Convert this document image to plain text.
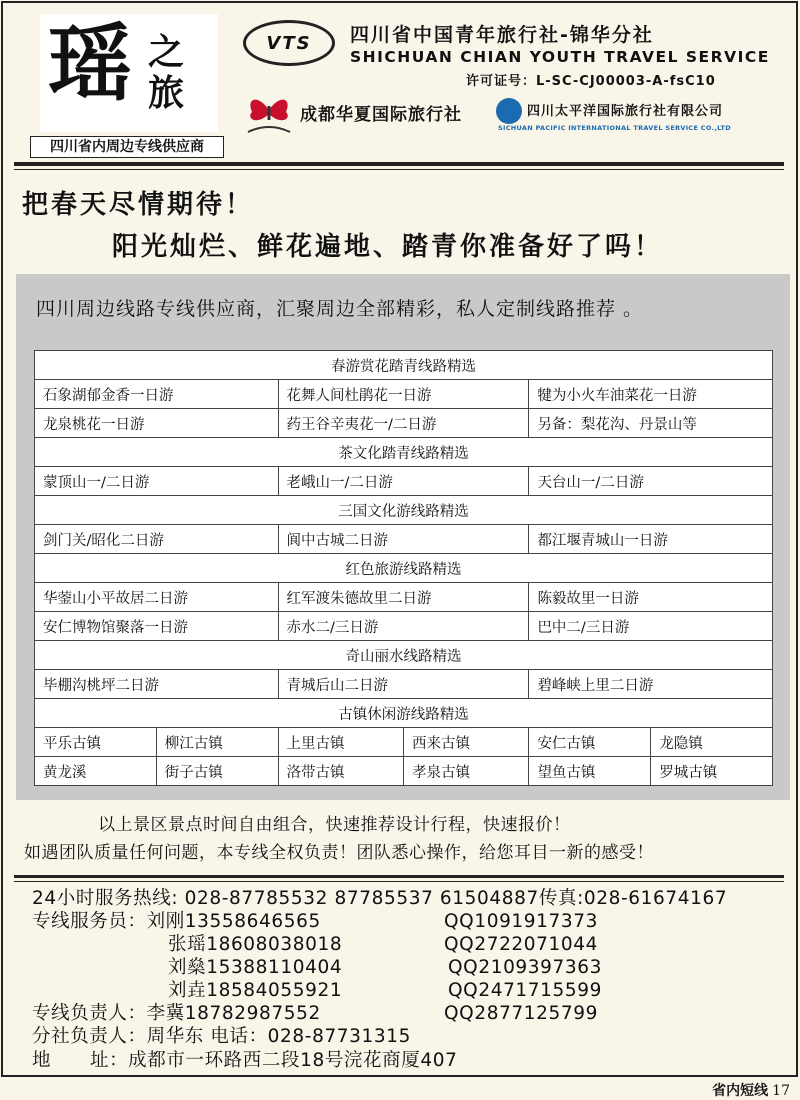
瑶 之旅
四川省内周边专线供应商
VTS 四川省中国青年旅行社-锦华分社
SHICHUAN CHIAN YOUTH TRAVEL SERVICE
许可证号：L-SC-CJ00003-A-fsC10
成都华夏国际旅行社	四川太平洋国际旅行社有限公司
SICHUAN PACIFIC INTERNATIONAL TRAVEL SERVICE CO.,LTD
把春天尽情期待！
阳光灿烂、鲜花遍地、踏青你准备好了吗！
四川周边线路专线供应商，汇聚周边全部精彩，私人定制线路推荐 。
春游赏花踏青线路精选					
石象湖郁金香一日游		花舞人间杜鹃花一日游		犍为小火车油菜花一日游	
龙泉桃花一日游		药王谷辛夷花一/二日游		另备：梨花沟、丹景山等	
茶文化踏青线路精选					
蒙顶山一/二日游		老峨山一/二日游		天台山一/二日游	
三国文化游线路精选					
剑门关/昭化二日游		阆中古城二日游		都江堰青城山一日游	
红色旅游线路精选					
华蓥山小平故居二日游		红军渡朱德故里二日游		陈毅故里一日游	
安仁博物馆聚落一日游		赤水二/三日游		巴中二/三日游	
奇山丽水线路精选					
毕棚沟桃坪二日游		青城后山二日游		碧峰峡上里二日游	
古镇休闲游线路精选					
平乐古镇	柳江古镇	上里古镇	西来古镇	安仁古镇	龙隐镇
黄龙溪	街子古镇	洛带古镇	孝泉古镇	望鱼古镇	罗城古镇
以上景区景点时间自由组合，快速推荐设计行程，快速报价！
如遇团队质量任何问题，本专线全权负责！团队悉心操作，给您耳目一新的感受！
24小时服务热线: 028-87785532 87785537 61504887传真:028-61674167
专线服务员：刘刚13558646565	QQ1091917373
张瑶18608038018	QQ2722071044
刘燊15388110404	QQ2109397363
刘垚18584055921	QQ2471715599
专线负责人：李冀18782987552	QQ2877125799
分社负责人：周华东 电话：028-87731315
地      址：成都市一环路西二段18号浣花商厦407
省内短线 17
